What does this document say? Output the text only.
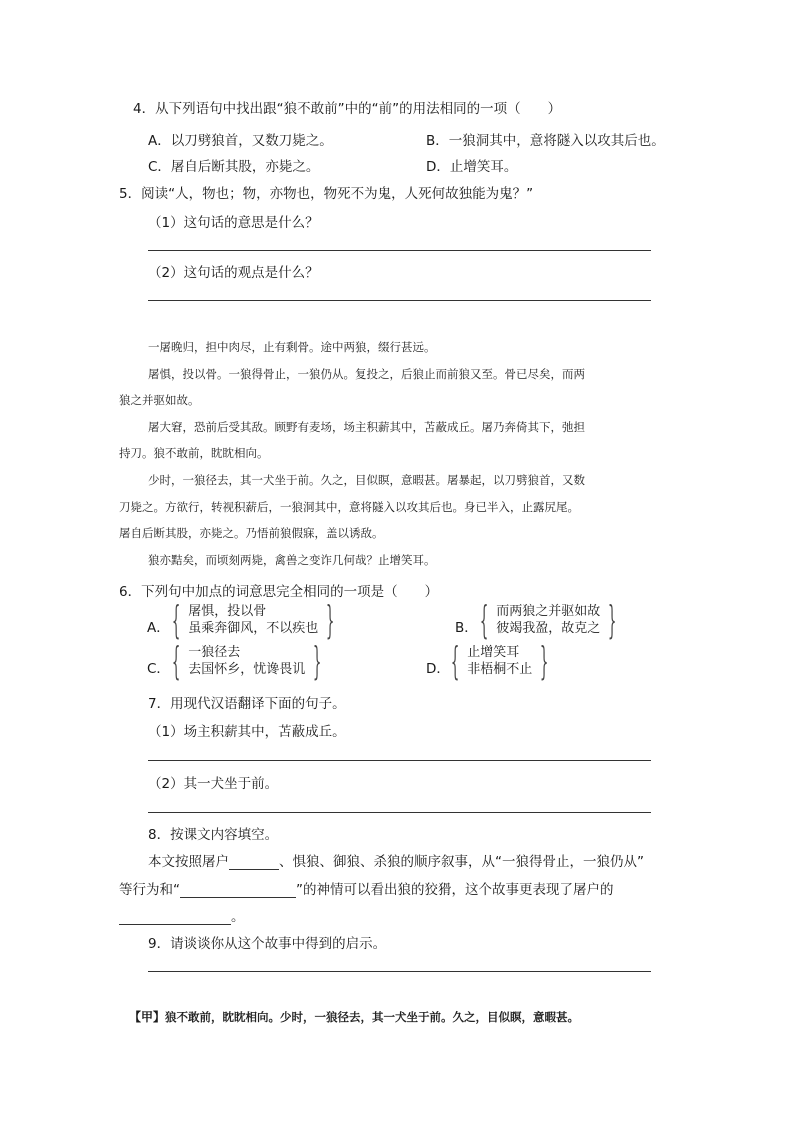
4．从下列语句中找出跟“狼不敢前”中的“前”的用法相同的一项（　　）
A．以刀劈狼首，又数刀毙之。	B．一狼洞其中，意将隧入以攻其后也。
C．屠自后断其股，亦毙之。	D．止增笑耳。
5．阅读“人，物也；物，亦物也，物死不为鬼，人死何故独能为鬼？”
（1）这句话的意思是什么？
（2）这句话的观点是什么？
一屠晚归，担中肉尽，止有剩骨。途中两狼，缀行甚远。
屠惧，投以骨。一狼得骨止，一狼仍从。复投之，后狼止而前狼又至。骨已尽矣，而两
狼之并驱如故。
屠大窘，恐前后受其敌。顾野有麦场，场主积薪其中，苫蔽成丘。屠乃奔倚其下，弛担
持刀。狼不敢前，眈眈相向。
少时，一狼径去，其一犬坐于前。久之，目似瞑，意暇甚。屠暴起，以刀劈狼首，又数
刀毙之。方欲行，转视积薪后，一狼洞其中，意将隧入以攻其后也。身已半入，止露尻尾。
屠自后断其股，亦毙之。乃悟前狼假寐，盖以诱敌。
狼亦黠矣，而顷刻两毙，禽兽之变诈几何哉？止增笑耳。
6．下列句中加点的词意思完全相同的一项是（　　）
A． { 屠惧，投以骨
虽乘奔御风，不以疾也 }	B． { 而两狼之并驱如故
彼竭我盈，故克之 }
C． { 一狼径去
去国怀乡，忧谗畏讥 }	D． { 止增笑耳
非梧桐不止 }
7．用现代汉语翻译下面的句子。
（1）场主积薪其中，苫蔽成丘。
（2）其一犬坐于前。
8．按课文内容填空。
本文按照屠户	、惧狼、御狼、杀狼的顺序叙事，从“一狼得骨止，一狼仍从”
等行为和“	”的神情可以看出狼的狡猾，这个故事更表现了屠户的
。
9．请谈谈你从这个故事中得到的启示。
【甲】狼不敢前，眈眈相向。少时，一狼径去，其一犬坐于前。久之，目似瞑，意暇甚。
